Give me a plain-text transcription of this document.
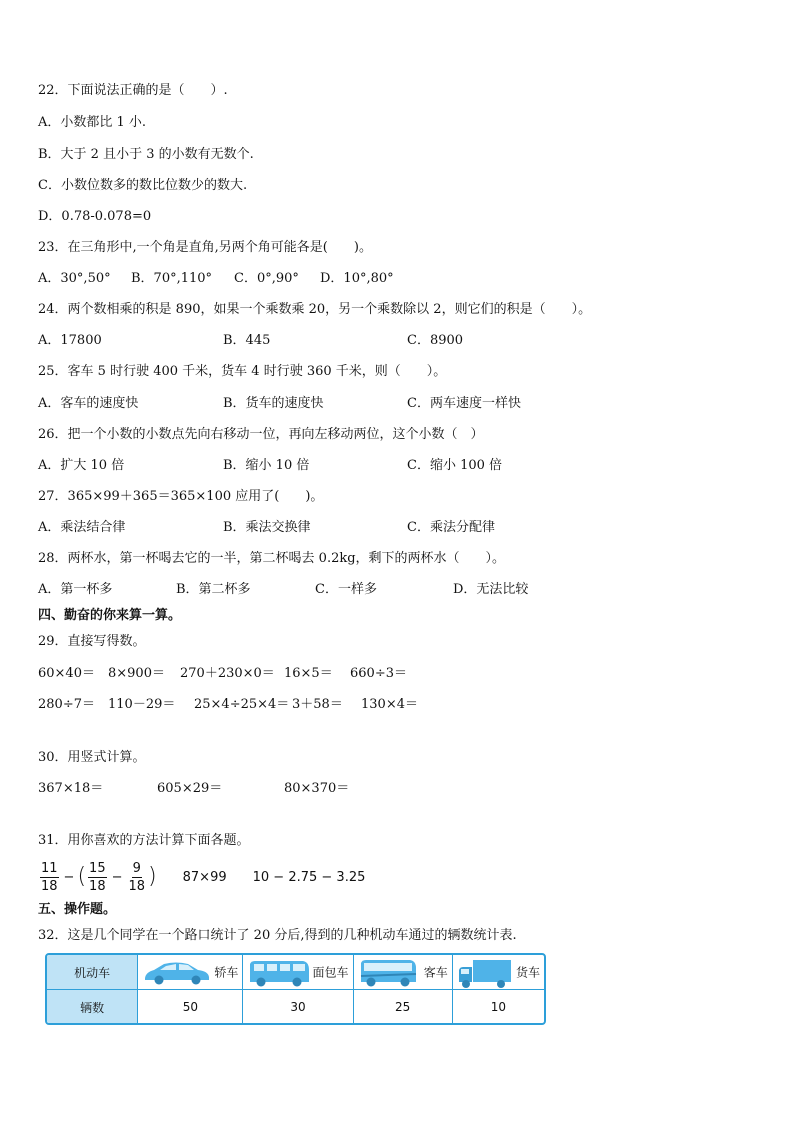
22．下面说法正确的是（　　）.
A．小数都比 1 小.
B．大于 2 且小于 3 的小数有无数个.
C．小数位数多的数比位数少的数大.
D．0.78-0.078=0
23．在三角形中,一个角是直角,另两个角可能各是(　　)。
A．30°,50° B．70°,110° C．0°,90° D．10°,80°
24．两个数相乘的积是 890，如果一个乘数乘 20，另一个乘数除以 2，则它们的积是（　　）。
A．17800	B．445	C．8900
25．客车 5 时行驶 400 千米，货车 4 时行驶 360 千米，则（　　）。
A．客车的速度快	B．货车的速度快	C．两车速度一样快
26．把一个小数的小数点先向右移动一位，再向左移动两位，这个小数（　）
A．扩大 10 倍	B．缩小 10 倍	C．缩小 100 倍
27．365×99＋365＝365×100 应用了(　　)。
A．乘法结合律	B．乘法交换律	C．乘法分配律
28．两杯水，第一杯喝去它的一半，第二杯喝去 0.2kg，剩下的两杯水（　　）。
A．第一杯多	B．第二杯多	C．一样多	D．无法比较
四、勤奋的你来算一算。
29．直接写得数。
60×40＝ 8×900＝ 270＋230×0＝ 16×5＝ 660÷3＝
280÷7＝ 110－29＝ 25×4÷25×4＝ 3＋58＝ 130×4＝
30．用竖式计算。
367×18＝	605×29＝	80×370＝
31．用你喜欢的方法计算下面各题。
$\frac{11}{18}$ − ( $\frac{15}{18} - \frac{9}{18}$ ) 87×99 10 − 2.75 − 3.25
五、操作题。
32．这是几个同学在一个路口统计了 20 分后,得到的几种机动车通过的辆数统计表.
机动车	轿车	面包车	客车	货车
辆数	50	30	25	10
